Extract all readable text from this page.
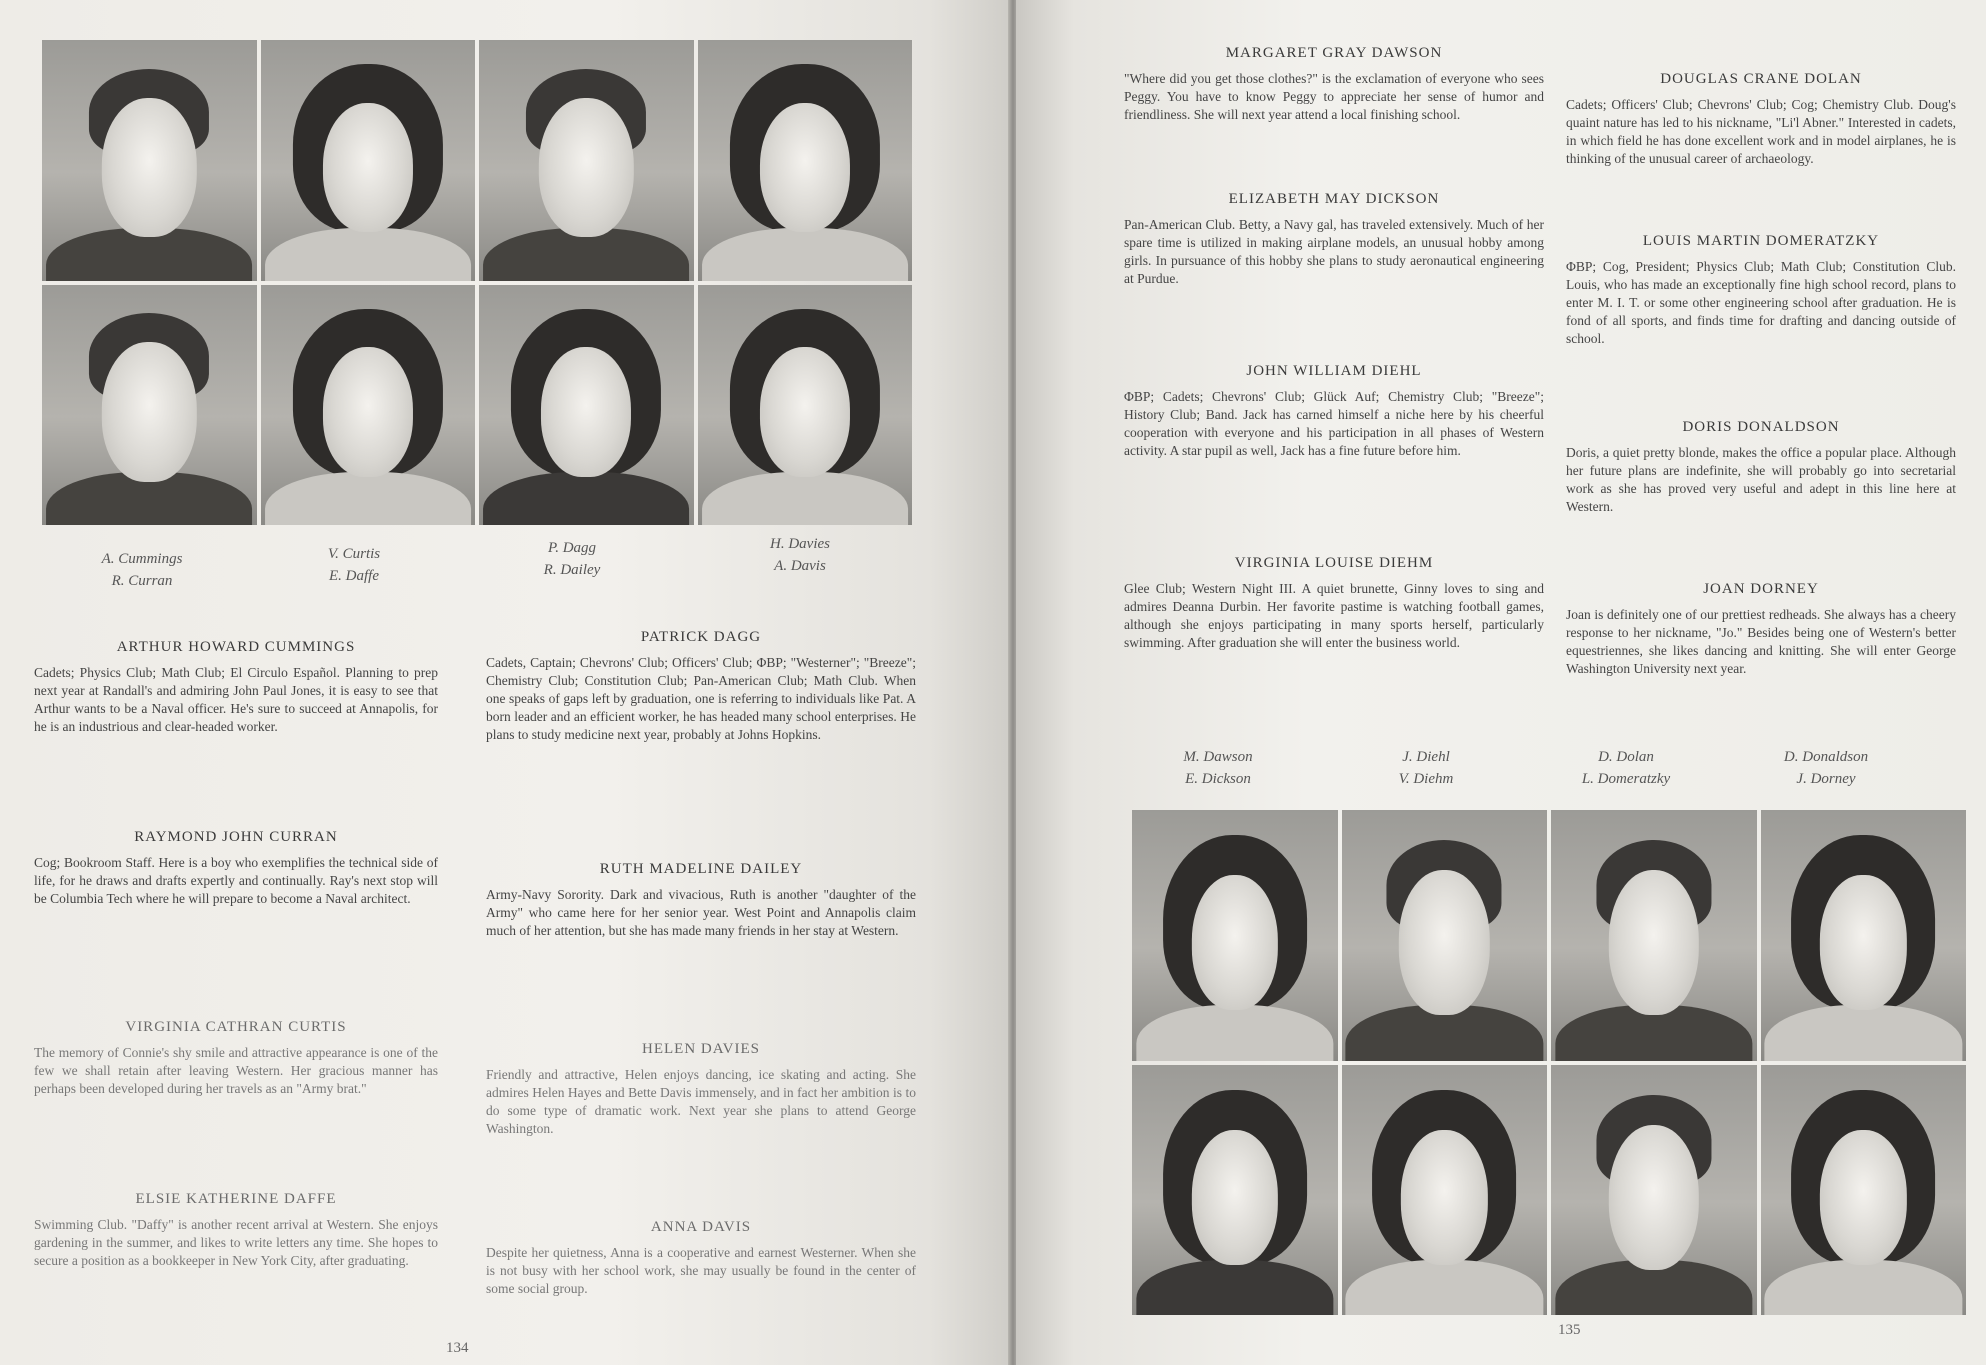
A. Cummings
R. Curran
V. Curtis
E. Daffe
P. Dagg
R. Dailey
H. Davies
A. Davis
ARTHUR HOWARD CUMMINGS

Cadets; Physics Club; Math Club; El Circulo Español. Planning to prep next year at Randall's and admiring John Paul Jones, it is easy to see that Arthur wants to be a Naval officer. He's sure to succeed at Annapolis, for he is an industrious and clear-headed worker.

RAYMOND JOHN CURRAN

Cog; Bookroom Staff. Here is a boy who exemplifies the technical side of life, for he draws and drafts expertly and continually. Ray's next stop will be Columbia Tech where he will prepare to become a Naval architect.

VIRGINIA CATHRAN CURTIS

The memory of Connie's shy smile and attractive appearance is one of the few we shall retain after leaving Western. Her gracious manner has perhaps been developed during her travels as an "Army brat."

ELSIE KATHERINE DAFFE

Swimming Club. "Daffy" is another recent arrival at Western. She enjoys gardening in the summer, and likes to write letters any time. She hopes to secure a position as a bookkeeper in New York City, after graduating.

PATRICK DAGG

Cadets, Captain; Chevrons' Club; Officers' Club; ΦBP; "Westerner"; "Breeze"; Chemistry Club; Constitution Club; Pan-American Club; Math Club. When one speaks of gaps left by graduation, one is referring to individuals like Pat. A born leader and an efficient worker, he has headed many school enterprises. He plans to study medicine next year, probably at Johns Hopkins.

RUTH MADELINE DAILEY

Army-Navy Sorority. Dark and vivacious, Ruth is another "daughter of the Army" who came here for her senior year. West Point and Annapolis claim much of her attention, but she has made many friends in her stay at Western.

HELEN DAVIES

Friendly and attractive, Helen enjoys dancing, ice skating and acting. She admires Helen Hayes and Bette Davis immensely, and in fact her ambition is to do some type of dramatic work. Next year she plans to attend George Washington.

ANNA DAVIS

Despite her quietness, Anna is a cooperative and earnest Westerner. When she is not busy with her school work, she may usually be found in the center of some social group.

134
MARGARET GRAY DAWSON

"Where did you get those clothes?" is the exclamation of everyone who sees Peggy. You have to know Peggy to appreciate her sense of humor and friendliness. She will next year attend a local finishing school.

ELIZABETH MAY DICKSON

Pan-American Club. Betty, a Navy gal, has traveled extensively. Much of her spare time is utilized in making airplane models, an unusual hobby among girls. In pursuance of this hobby she plans to study aeronautical engineering at Purdue.

JOHN WILLIAM DIEHL

ΦBP; Cadets; Chevrons' Club; Glück Auf; Chemistry Club; "Breeze"; History Club; Band. Jack has carned himself a niche here by his cheerful cooperation with everyone and his participation in all phases of Western activity. A star pupil as well, Jack has a fine future before him.

VIRGINIA LOUISE DIEHM

Glee Club; Western Night III. A quiet brunette, Ginny loves to sing and admires Deanna Durbin. Her favorite pastime is watching football games, although she enjoys participating in many sports herself, particularly swimming. After graduation she will enter the business world.

DOUGLAS CRANE DOLAN

Cadets; Officers' Club; Chevrons' Club; Cog; Chemistry Club. Doug's quaint nature has led to his nickname, "Li'l Abner." Interested in cadets, in which field he has done excellent work and in model airplanes, he is thinking of the unusual career of archaeology.

LOUIS MARTIN DOMERATZKY

ΦBP; Cog, President; Physics Club; Math Club; Constitution Club. Louis, who has made an exceptionally fine high school record, plans to enter M. I. T. or some other engineering school after graduation. He is fond of all sports, and finds time for drafting and dancing outside of school.

DORIS DONALDSON

Doris, a quiet pretty blonde, makes the office a popular place. Although her future plans are indefinite, she will probably go into secretarial work as she has proved very useful and adept in this line here at Western.

JOAN DORNEY

Joan is definitely one of our prettiest redheads. She always has a cheery response to her nickname, "Jo." Besides being one of Western's better equestriennes, she likes dancing and knitting. She will enter George Washington University next year.

M. Dawson
E. Dickson
J. Diehl
V. Diehm
D. Dolan
L. Domeratzky
D. Donaldson
J. Dorney
135
